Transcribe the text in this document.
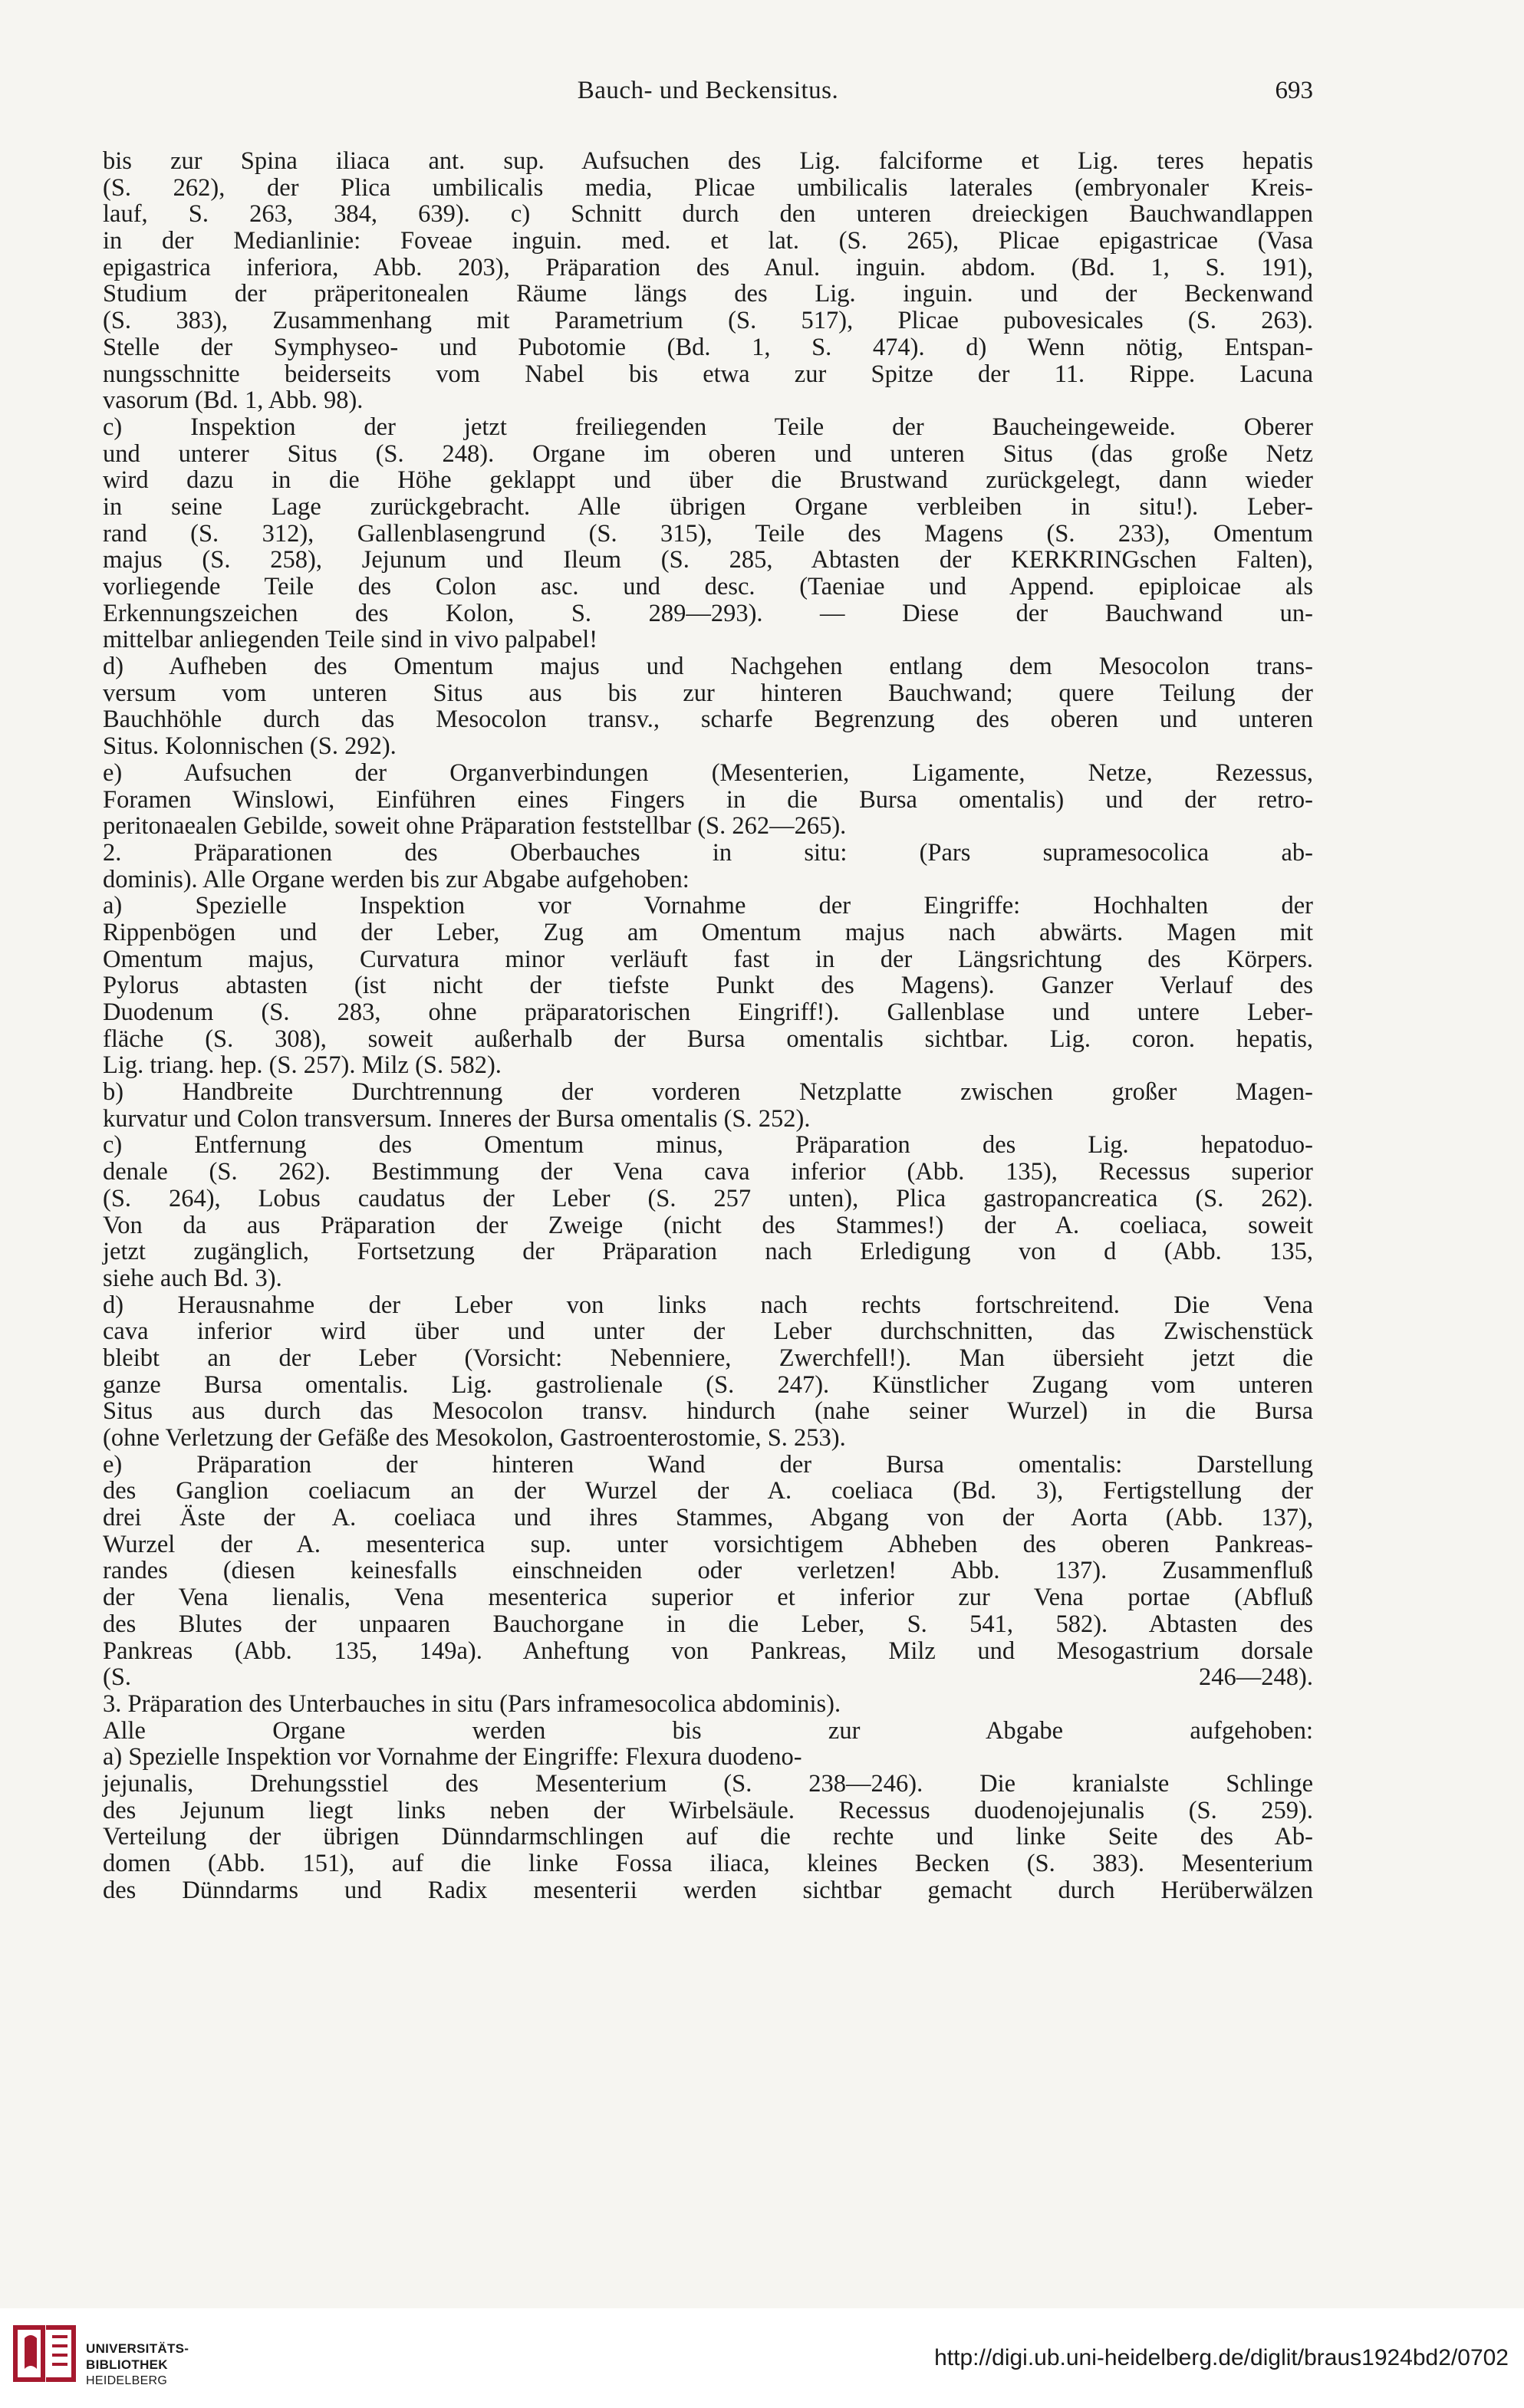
Bauch- und Beckensitus.	693
bis zur Spina iliaca ant. sup. Aufsuchen des Lig. falciforme et Lig. teres hepatis
(S. 262), der Plica umbilicalis media, Plicae umbilicalis laterales (embryonaler Kreis-
lauf, S. 263, 384, 639). c) Schnitt durch den unteren dreieckigen Bauchwandlappen
in der Medianlinie: Foveae inguin. med. et lat. (S. 265), Plicae epigastricae (Vasa
epigastrica inferiora, Abb. 203), Präparation des Anul. inguin. abdom. (Bd. 1, S. 191),
Studium der präperitonealen Räume längs des Lig. inguin. und der Beckenwand
(S. 383), Zusammenhang mit Parametrium (S. 517), Plicae pubovesicales (S. 263).
Stelle der Symphyseo- und Pubotomie (Bd. 1, S. 474). d) Wenn nötig, Entspan-
nungsschnitte beiderseits vom Nabel bis etwa zur Spitze der 11. Rippe. Lacuna
vasorum (Bd. 1, Abb. 98).
c) Inspektion der jetzt freiliegenden Teile der Baucheingeweide. Oberer
und unterer Situs (S. 248). Organe im oberen und unteren Situs (das große Netz
wird dazu in die Höhe geklappt und über die Brustwand zurückgelegt, dann wieder
in seine Lage zurückgebracht. Alle übrigen Organe verbleiben in situ!). Leber-
rand (S. 312), Gallenblasengrund (S. 315), Teile des Magens (S. 233), Omentum
majus (S. 258), Jejunum und Ileum (S. 285, Abtasten der KERKRINGschen Falten),
vorliegende Teile des Colon asc. und desc. (Taeniae und Append. epiploicae als
Erkennungszeichen des Kolon, S. 289—293). — Diese der Bauchwand un-
mittelbar anliegenden Teile sind in vivo palpabel!
d) Aufheben des Omentum majus und Nachgehen entlang dem Mesocolon trans-
versum vom unteren Situs aus bis zur hinteren Bauchwand; quere Teilung der
Bauchhöhle durch das Mesocolon transv., scharfe Begrenzung des oberen und unteren
Situs. Kolonnischen (S. 292).
e) Aufsuchen der Organverbindungen (Mesenterien, Ligamente, Netze, Rezessus,
Foramen Winslowi, Einführen eines Fingers in die Bursa omentalis) und der retro-
peritonaealen Gebilde, soweit ohne Präparation feststellbar (S. 262—265).
2. Präparationen des Oberbauches in situ: (Pars supramesocolica ab-
dominis). Alle Organe werden bis zur Abgabe aufgehoben:
a) Spezielle Inspektion vor Vornahme der Eingriffe: Hochhalten der
Rippenbögen und der Leber, Zug am Omentum majus nach abwärts. Magen mit
Omentum majus, Curvatura minor verläuft fast in der Längsrichtung des Körpers.
Pylorus abtasten (ist nicht der tiefste Punkt des Magens). Ganzer Verlauf des
Duodenum (S. 283, ohne präparatorischen Eingriff!). Gallenblase und untere Leber-
fläche (S. 308), soweit außerhalb der Bursa omentalis sichtbar. Lig. coron. hepatis,
Lig. triang. hep. (S. 257). Milz (S. 582).
b) Handbreite Durchtrennung der vorderen Netzplatte zwischen großer Magen-
kurvatur und Colon transversum. Inneres der Bursa omentalis (S. 252).
c) Entfernung des Omentum minus, Präparation des Lig. hepatoduo-
denale (S. 262). Bestimmung der Vena cava inferior (Abb. 135), Recessus superior
(S. 264), Lobus caudatus der Leber (S. 257 unten), Plica gastropancreatica (S. 262).
Von da aus Präparation der Zweige (nicht des Stammes!) der A. coeliaca, soweit
jetzt zugänglich, Fortsetzung der Präparation nach Erledigung von d (Abb. 135,
siehe auch Bd. 3).
d) Herausnahme der Leber von links nach rechts fortschreitend. Die Vena
cava inferior wird über und unter der Leber durchschnitten, das Zwischenstück
bleibt an der Leber (Vorsicht: Nebenniere, Zwerchfell!). Man übersieht jetzt die
ganze Bursa omentalis. Lig. gastrolienale (S. 247). Künstlicher Zugang vom unteren
Situs aus durch das Mesocolon transv. hindurch (nahe seiner Wurzel) in die Bursa
(ohne Verletzung der Gefäße des Mesokolon, Gastroenterostomie, S. 253).
e) Präparation der hinteren Wand der Bursa omentalis: Darstellung
des Ganglion coeliacum an der Wurzel der A. coeliaca (Bd. 3), Fertigstellung der
drei Äste der A. coeliaca und ihres Stammes, Abgang von der Aorta (Abb. 137),
Wurzel der A. mesenterica sup. unter vorsichtigem Abheben des oberen Pankreas-
randes (diesen keinesfalls einschneiden oder verletzen! Abb. 137). Zusammenfluß
der Vena lienalis, Vena mesenterica superior et inferior zur Vena portae (Abfluß
des Blutes der unpaaren Bauchorgane in die Leber, S. 541, 582). Abtasten des
Pankreas (Abb. 135, 149a). Anheftung von Pankreas, Milz und Mesogastrium dorsale
(S. 246—248).
3. Präparation des Unterbauches in situ (Pars inframesocolica abdominis).
Alle Organe werden bis zur Abgabe aufgehoben:
a) Spezielle Inspektion vor Vornahme der Eingriffe: Flexura duodeno-
jejunalis, Drehungsstiel des Mesenterium (S. 238—246). Die kranialste Schlinge
des Jejunum liegt links neben der Wirbelsäule. Recessus duodenojejunalis (S. 259).
Verteilung der übrigen Dünndarmschlingen auf die rechte und linke Seite des Ab-
domen (Abb. 151), auf die linke Fossa iliaca, kleines Becken (S. 383). Mesenterium
des Dünndarms und Radix mesenterii werden sichtbar gemacht durch Herüberwälzen
UNIVERSITÄTS-
BIBLIOTHEK
HEIDELBERG
http://digi.ub.uni-heidelberg.de/diglit/braus1924bd2/0702
